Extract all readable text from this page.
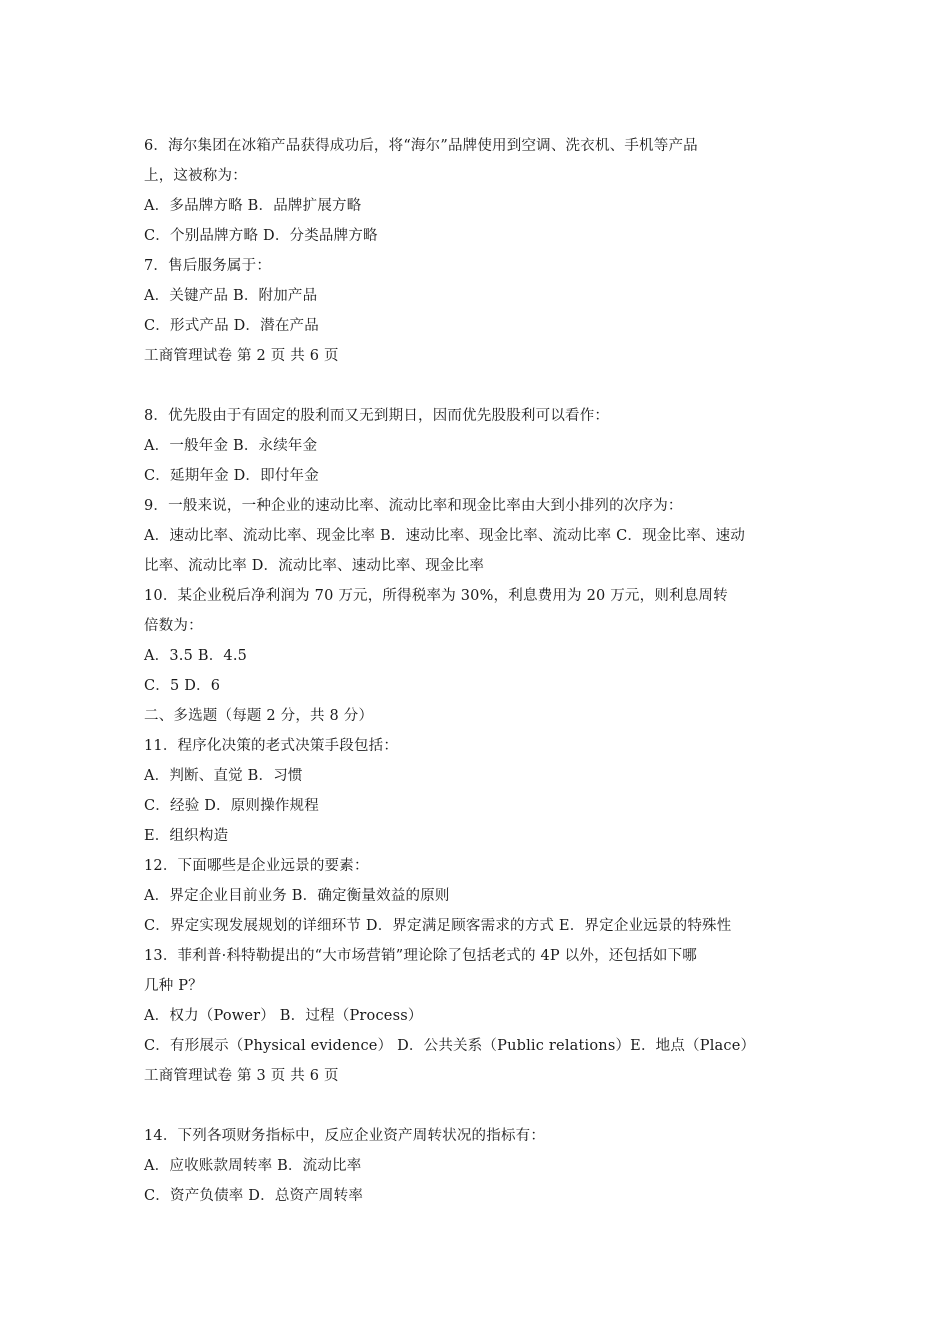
6．海尔集团在冰箱产品获得成功后，将“海尔”品牌使用到空调、洗衣机、手机等产品
上，这被称为：
A．多品牌方略 B．品牌扩展方略
C．个别品牌方略 D．分类品牌方略
7．售后服务属于：
A．关键产品 B．附加产品
C．形式产品 D．潜在产品
工商管理试卷 第 2 页 共 6 页
8．优先股由于有固定的股利而又无到期日，因而优先股股利可以看作：
A．一般年金 B．永续年金
C．延期年金 D．即付年金
9．一般来说，一种企业的速动比率、流动比率和现金比率由大到小排列的次序为：
A．速动比率、流动比率、现金比率 B．速动比率、现金比率、流动比率 C．现金比率、速动
比率、流动比率 D．流动比率、速动比率、现金比率
10．某企业税后净利润为 70 万元，所得税率为 30%，利息费用为 20 万元，则利息周转
倍数为：
A．3.5 B．4.5
C．5 D．6
二、多选题（每题 2 分，共 8 分）
11．程序化决策的老式决策手段包括：
A．判断、直觉 B．习惯
C．经验 D．原则操作规程
E．组织构造
12．下面哪些是企业远景的要素：
A．界定企业目前业务 B．确定衡量效益的原则
C．界定实现发展规划的详细环节 D．界定满足顾客需求的方式 E．界定企业远景的特殊性
13．菲利普·科特勒提出的“大市场营销”理论除了包括老式的 4P 以外，还包括如下哪
几种 P？
A．权力（Power） B．过程（Process）
C．有形展示（Physical evidence） D．公共关系（Public relations）E．地点（Place）
工商管理试卷 第 3 页 共 6 页
14．下列各项财务指标中，反应企业资产周转状况的指标有：
A．应收账款周转率 B．流动比率
C．资产负债率 D．总资产周转率
